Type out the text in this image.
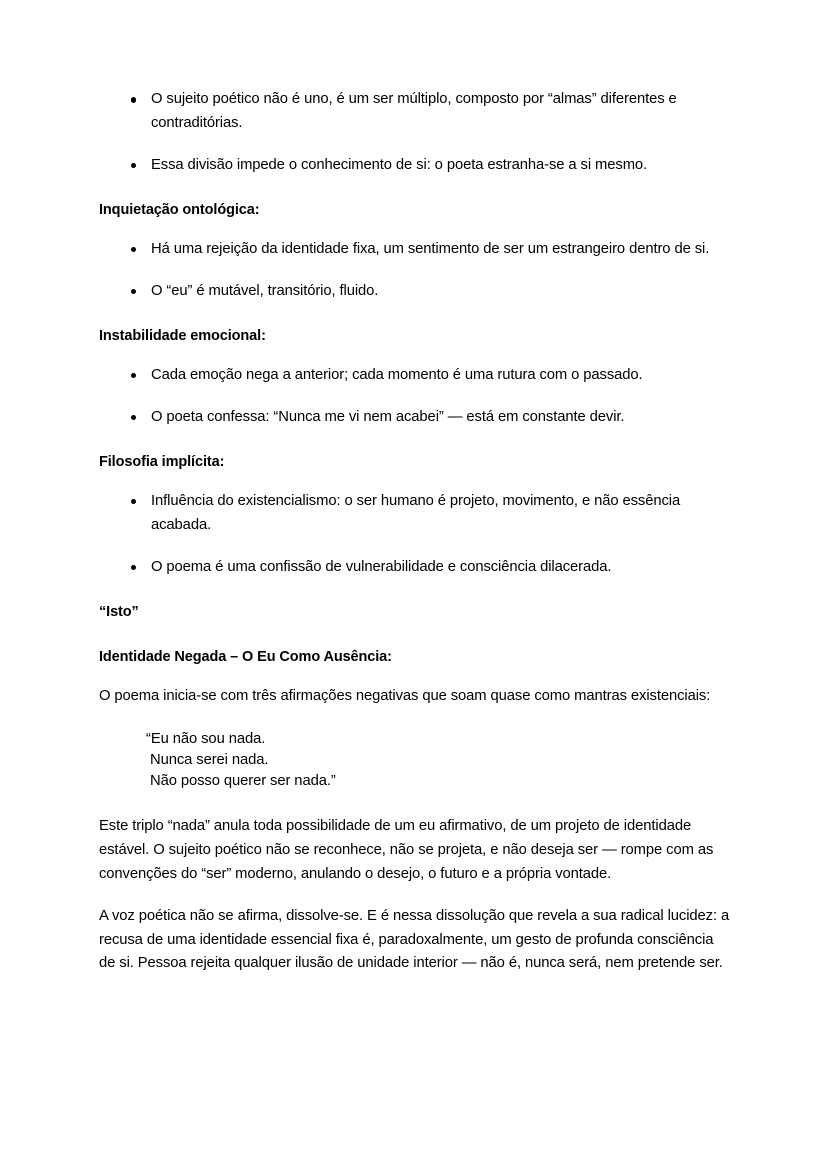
O sujeito poético não é uno, é um ser múltiplo, composto por “almas” diferentes e contraditórias.
Essa divisão impede o conhecimento de si: o poeta estranha-se a si mesmo.

Inquietação ontológica:

Há uma rejeição da identidade fixa, um sentimento de ser um estrangeiro dentro de si.
O “eu” é mutável, transitório, fluido.

Instabilidade emocional:

Cada emoção nega a anterior; cada momento é uma rutura com o passado.
O poeta confessa: “Nunca me vi nem acabei” — está em constante devir.

Filosofia implícita:

Influência do existencialismo: o ser humano é projeto, movimento, e não essência acabada.
O poema é uma confissão de vulnerabilidade e consciência dilacerada.

“Isto”

Identidade Negada – O Eu Como Ausência:

O poema inicia-se com três afirmações negativas que soam quase como mantras existenciais:

“Eu não sou nada.
Nunca serei nada.
Não posso querer ser nada.”

Este triplo “nada” anula toda possibilidade de um eu afirmativo, de um projeto de identidade estável. O sujeito poético não se reconhece, não se projeta, e não deseja ser — rompe com as convenções do “ser” moderno, anulando o desejo, o futuro e a própria vontade.

A voz poética não se afirma, dissolve-se. E é nessa dissolução que revela a sua radical lucidez: a recusa de uma identidade essencial fixa é, paradoxalmente, um gesto de profunda consciência de si. Pessoa rejeita qualquer ilusão de unidade interior — não é, nunca será, nem pretende ser.
